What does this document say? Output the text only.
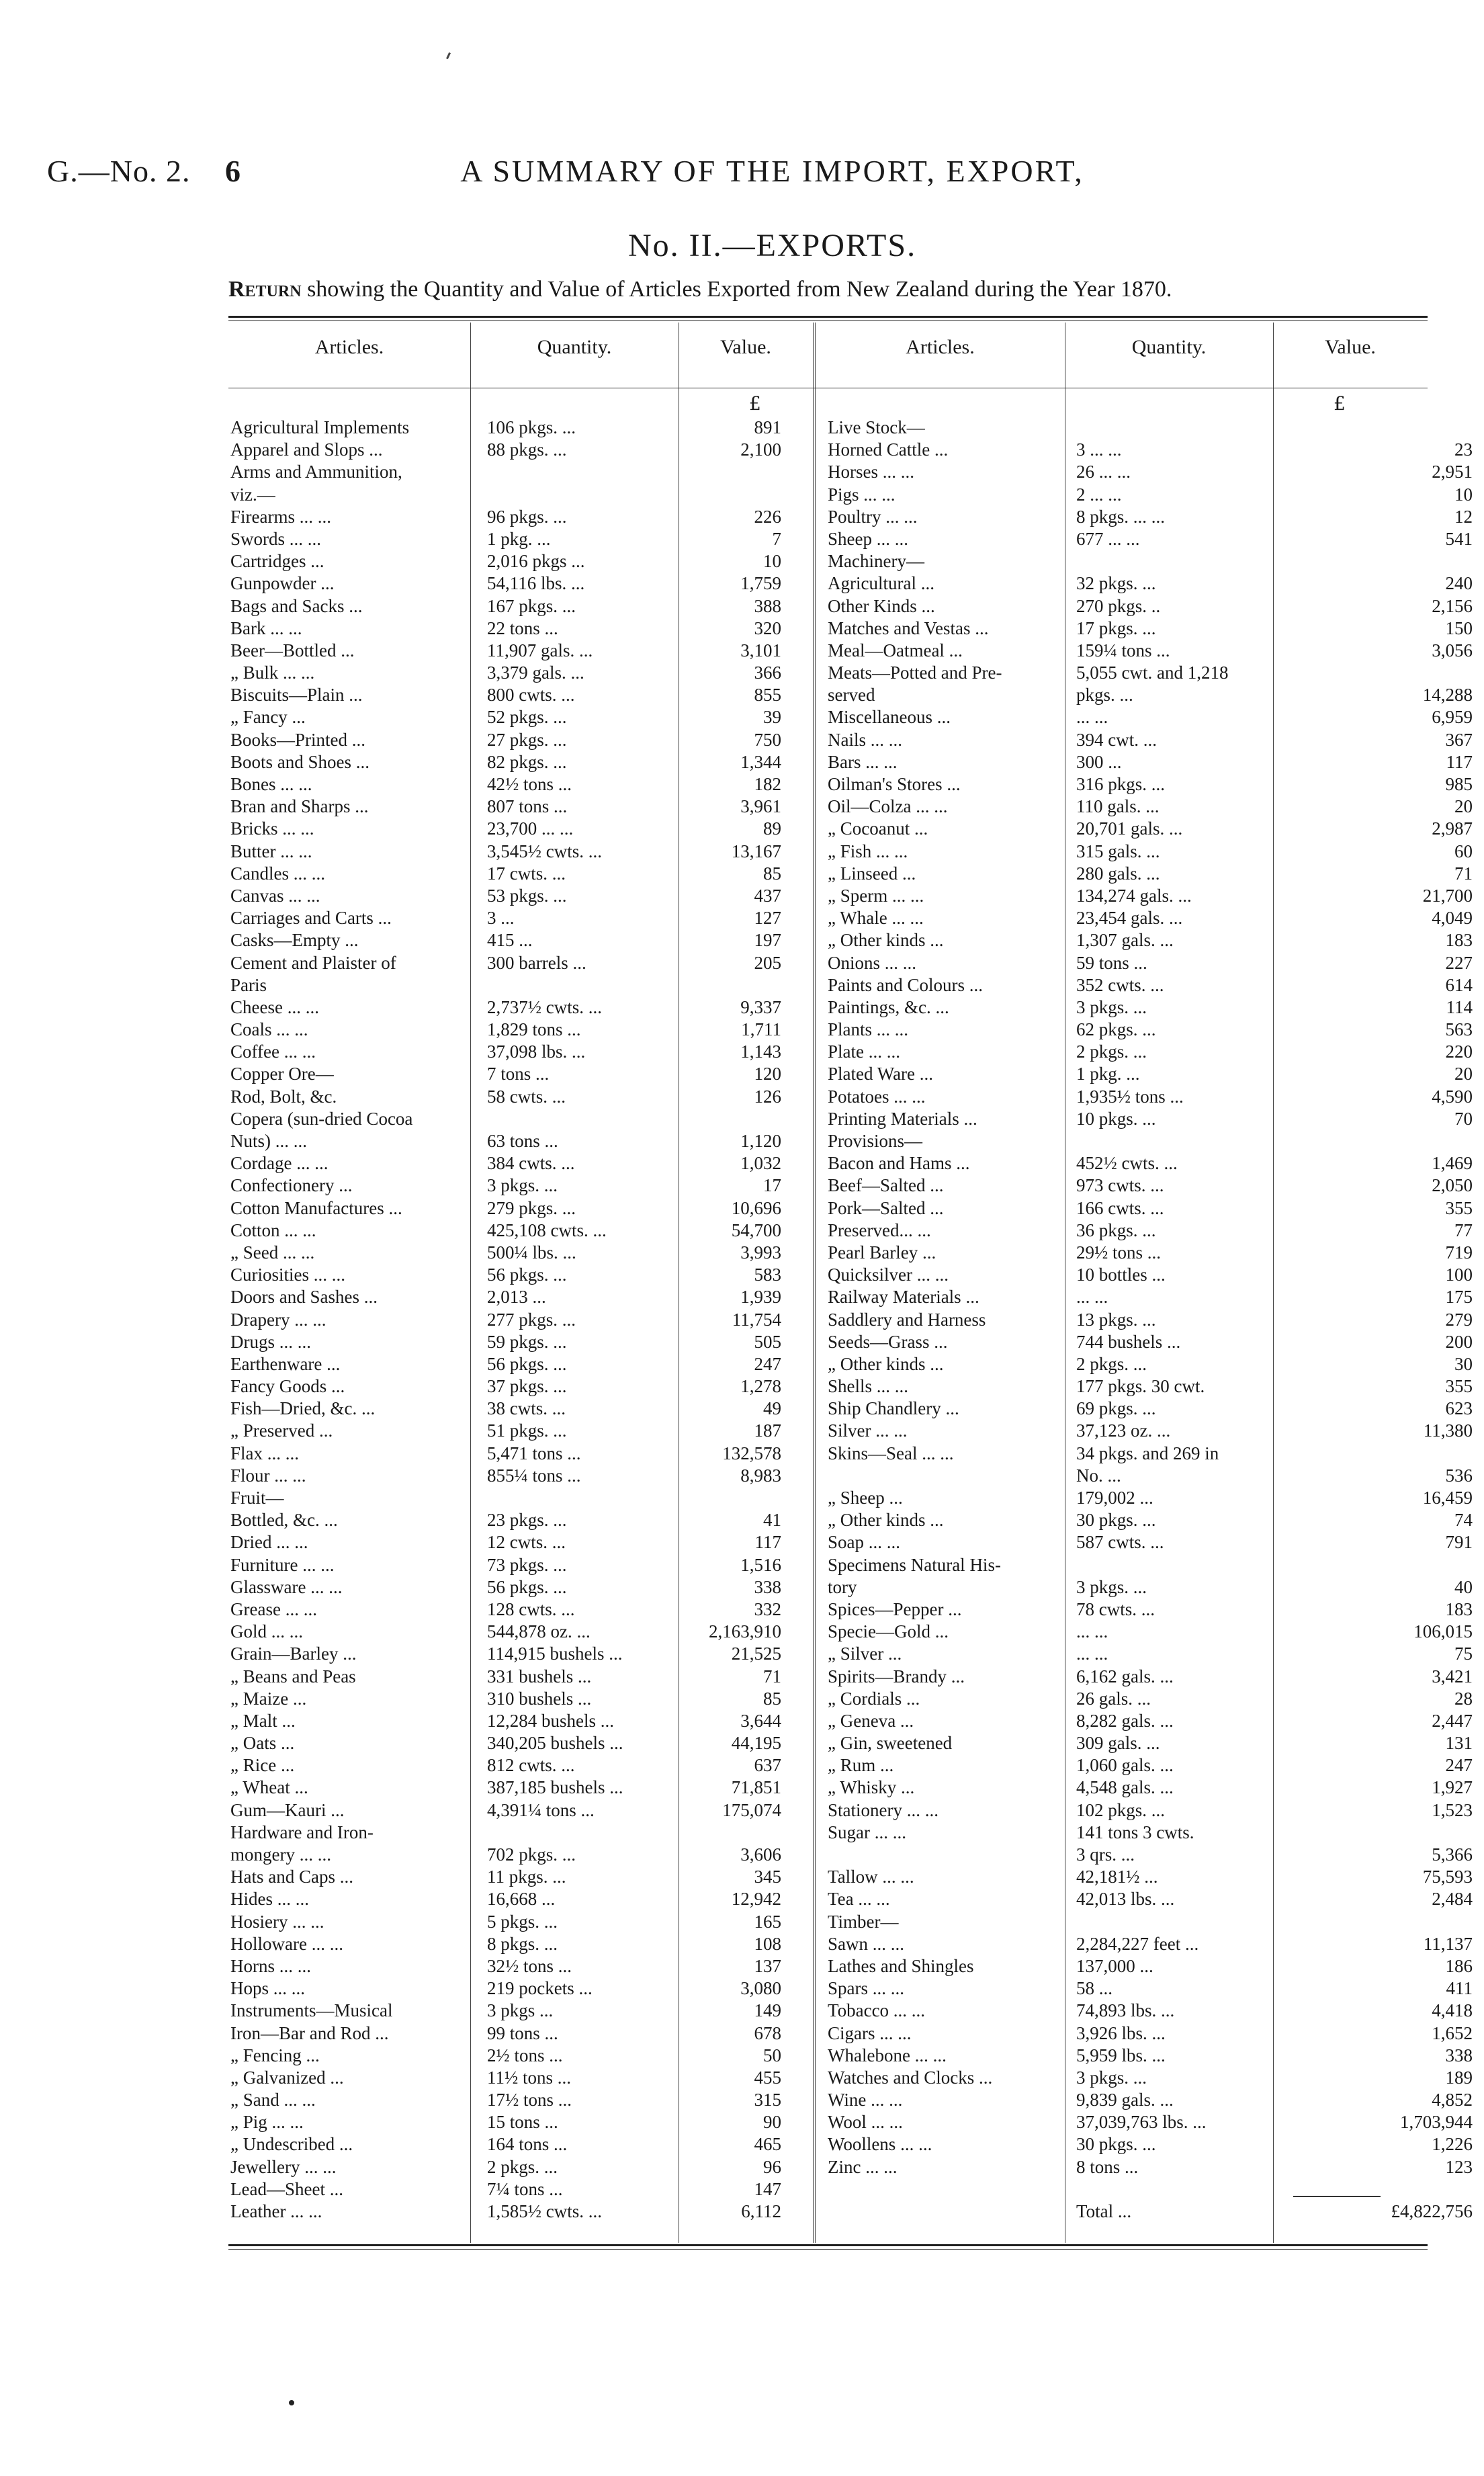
G.—No. 2. 6	A SUMMARY OF THE IMPORT, EXPORT,
No. II.—EXPORTS.
Return showing the Quantity and Value of Articles Exported from New Zealand during the Year 1870.
Articles.	Quantity.	Value.	Articles.	Quantity.	Value.
£	£
Agricultural Implements	106 pkgs. ...	891
Apparel and Slops ...	88 pkgs. ...	2,100
Arms and Ammunition,
viz.—
Firearms ... ...	96 pkgs. ...	226
Swords ... ...	1 pkg. ...	7
Cartridges ...	2,016 pkgs ...	10
Gunpowder ...	54,116 lbs. ...	1,759
Bags and Sacks ...	167 pkgs. ...	388
Bark ... ...	22 tons ...	320
Beer—Bottled ...	11,907 gals. ...	3,101
„ Bulk ... ...	3,379 gals. ...	366
Biscuits—Plain ...	800 cwts. ...	855
„ Fancy ...	52 pkgs. ...	39
Books—Printed ...	27 pkgs. ...	750
Boots and Shoes ...	82 pkgs. ...	1,344
Bones ... ...	42½ tons ...	182
Bran and Sharps ...	807 tons ...	3,961
Bricks ... ...	23,700 ... ...	89
Butter ... ...	3,545½ cwts. ...	13,167
Candles ... ...	17 cwts. ...	85
Canvas ... ...	53 pkgs. ...	437
Carriages and Carts ...	3 ...	127
Casks—Empty ...	415 ...	197
Cement and Plaister of	300 barrels ...	205
Paris
Cheese ... ...	2,737½ cwts. ...	9,337
Coals ... ...	1,829 tons ...	1,711
Coffee ... ...	37,098 lbs. ...	1,143
Copper Ore—	7 tons ...	120
Rod, Bolt, &c.	58 cwts. ...	126
Copera (sun-dried Cocoa
Nuts) ... ...	63 tons ...	1,120
Cordage ... ...	384 cwts. ...	1,032
Confectionery ...	3 pkgs. ...	17
Cotton Manufactures ...	279 pkgs. ...	10,696
Cotton ... ...	425,108 cwts. ...	54,700
„ Seed ... ...	500¼ lbs. ...	3,993
Curiosities ... ...	56 pkgs. ...	583
Doors and Sashes ...	2,013 ...	1,939
Drapery ... ...	277 pkgs. ...	11,754
Drugs ... ...	59 pkgs. ...	505
Earthenware ...	56 pkgs. ...	247
Fancy Goods ...	37 pkgs. ...	1,278
Fish—Dried, &c. ...	38 cwts. ...	49
„ Preserved ...	51 pkgs. ...	187
Flax ... ...	5,471 tons ...	132,578
Flour ... ...	855¼ tons ...	8,983
Fruit—
Bottled, &c. ...	23 pkgs. ...	41
Dried ... ...	12 cwts. ...	117
Furniture ... ...	73 pkgs. ...	1,516
Glassware ... ...	56 pkgs. ...	338
Grease ... ...	128 cwts. ...	332
Gold ... ...	544,878 oz. ...	2,163,910
Grain—Barley ...	114,915 bushels ...	21,525
„ Beans and Peas	331 bushels ...	71
„ Maize ...	310 bushels ...	85
„ Malt ...	12,284 bushels ...	3,644
„ Oats ...	340,205 bushels ...	44,195
„ Rice ...	812 cwts. ...	637
„ Wheat ...	387,185 bushels ...	71,851
Gum—Kauri ...	4,391¼ tons ...	175,074
Hardware and Iron-
mongery ... ...	702 pkgs. ...	3,606
Hats and Caps ...	11 pkgs. ...	345
Hides ... ...	16,668 ...	12,942
Hosiery ... ...	5 pkgs. ...	165
Holloware ... ...	8 pkgs. ...	108
Horns ... ...	32½ tons ...	137
Hops ... ...	219 pockets ...	3,080
Instruments—Musical	3 pkgs ...	149
Iron—Bar and Rod ...	99 tons ...	678
„ Fencing ...	2½ tons ...	50
„ Galvanized ...	11½ tons ...	455
„ Sand ... ...	17½ tons ...	315
„ Pig ... ...	15 tons ...	90
„ Undescribed ...	164 tons ...	465
Jewellery ... ...	2 pkgs. ...	96
Lead—Sheet ...	7¼ tons ...	147
Leather ... ...	1,585½ cwts. ...	6,112
Live Stock—
Horned Cattle ...	3 ... ...	23
Horses ... ...	26 ... ...	2,951
Pigs ... ...	2 ... ...	10
Poultry ... ...	8 pkgs. ... ...	12
Sheep ... ...	677 ... ...	541
Machinery—
Agricultural ...	32 pkgs. ...	240
Other Kinds ...	270 pkgs. ..	2,156
Matches and Vestas ...	17 pkgs. ...	150
Meal—Oatmeal ...	159¼ tons ...	3,056
Meats—Potted and Pre-	5,055 cwt. and 1,218
served	pkgs. ...	14,288
Miscellaneous ...	... ...	6,959
Nails ... ...	394 cwt. ...	367
Bars ... ...	300 ...	117
Oilman's Stores ...	316 pkgs. ...	985
Oil—Colza ... ...	110 gals. ...	20
„ Cocoanut ...	20,701 gals. ...	2,987
„ Fish ... ...	315 gals. ...	60
„ Linseed ...	280 gals. ...	71
„ Sperm ... ...	134,274 gals. ...	21,700
„ Whale ... ...	23,454 gals. ...	4,049
„ Other kinds ...	1,307 gals. ...	183
Onions ... ...	59 tons ...	227
Paints and Colours ...	352 cwts. ...	614
Paintings, &c. ...	3 pkgs. ...	114
Plants ... ...	62 pkgs. ...	563
Plate ... ...	2 pkgs. ...	220
Plated Ware ...	1 pkg. ...	20
Potatoes ... ...	1,935½ tons ...	4,590
Printing Materials ...	10 pkgs. ...	70
Provisions—
Bacon and Hams ...	452½ cwts. ...	1,469
Beef—Salted ...	973 cwts. ...	2,050
Pork—Salted ...	166 cwts. ...	355
Preserved... ...	36 pkgs. ...	77
Pearl Barley ...	29½ tons ...	719
Quicksilver ... ...	10 bottles ...	100
Railway Materials ...	... ...	175
Saddlery and Harness	13 pkgs. ...	279
Seeds—Grass ...	744 bushels ...	200
„ Other kinds ...	2 pkgs. ...	30
Shells ... ...	177 pkgs. 30 cwt.	355
Ship Chandlery ...	69 pkgs. ...	623
Silver ... ...	37,123 oz. ...	11,380
Skins—Seal ... ...	34 pkgs. and 269 in
No. ...	536
„ Sheep ...	179,002 ...	16,459
„ Other kinds ...	30 pkgs. ...	74
Soap ... ...	587 cwts. ...	791
Specimens Natural His-
tory	3 pkgs. ...	40
Spices—Pepper ...	78 cwts. ...	183
Specie—Gold ...	... ...	106,015
„ Silver ...	... ...	75
Spirits—Brandy ...	6,162 gals. ...	3,421
„ Cordials ...	26 gals. ...	28
„ Geneva ...	8,282 gals. ...	2,447
„ Gin, sweetened	309 gals. ...	131
„ Rum ...	1,060 gals. ...	247
„ Whisky ...	4,548 gals. ...	1,927
Stationery ... ...	102 pkgs. ...	1,523
Sugar ... ...	141 tons 3 cwts.
3 qrs. ...	5,366
Tallow ... ...	42,181½ ...	75,593
Tea ... ...	42,013 lbs. ...	2,484
Timber—
Sawn ... ...	2,284,227 feet ...	11,137
Lathes and Shingles	137,000 ...	186
Spars ... ...	58 ...	411
Tobacco ... ...	74,893 lbs. ...	4,418
Cigars ... ...	3,926 lbs. ...	1,652
Whalebone ... ...	5,959 lbs. ...	338
Watches and Clocks ...	3 pkgs. ...	189
Wine ... ...	9,839 gals. ...	4,852
Wool ... ...	37,039,763 lbs. ...	1,703,944
Woollens ... ...	30 pkgs. ...	1,226
Zinc ... ...	8 tons ...	123
Total ...	£4,822,756
